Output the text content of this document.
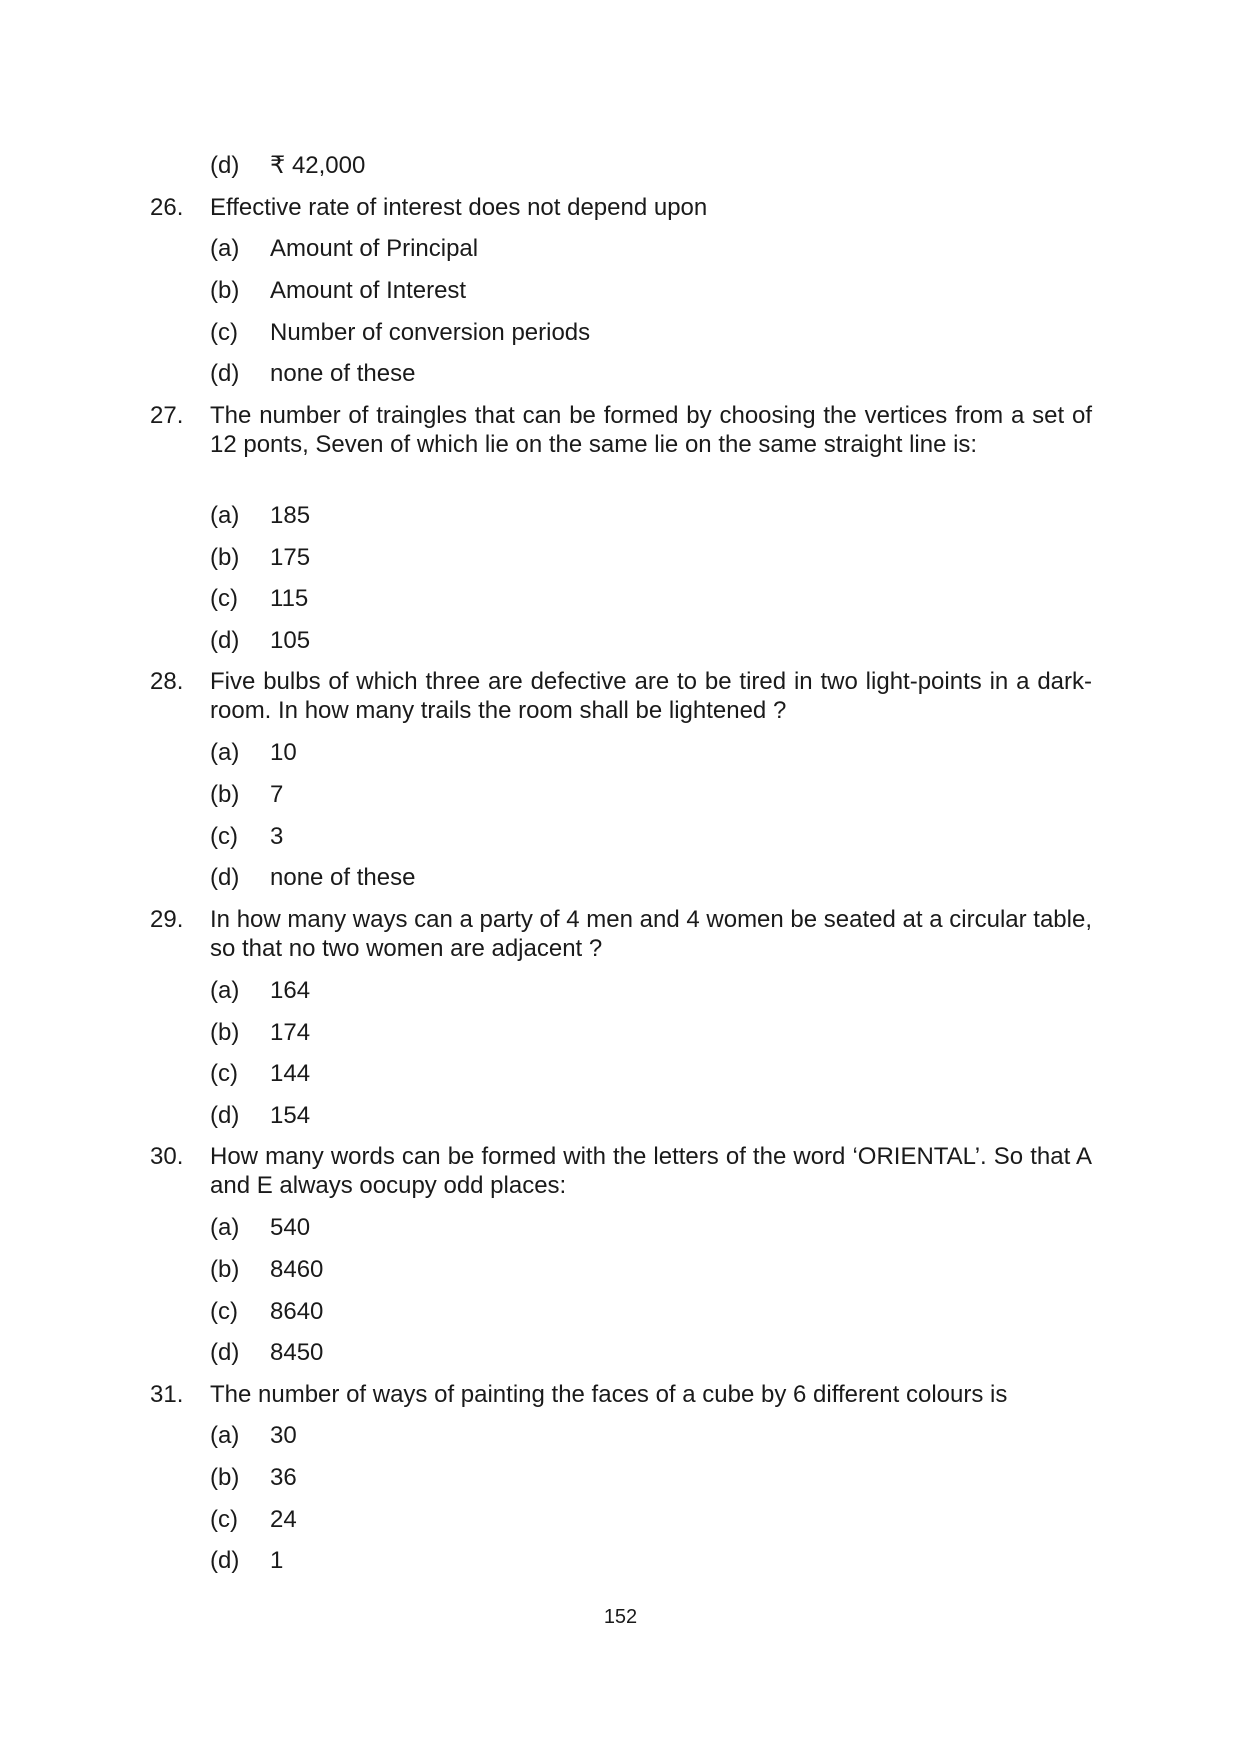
(d)	₹ 42,000
26.	Effective rate of interest does not depend upon
(a)	Amount of Principal
(b)	Amount of Interest
(c)	Number of conversion periods
(d)	none of these
27.	The number of traingles that can be formed by choosing the vertices from a set of 12 ponts, Seven of which lie on the same lie on the same straight line is:
(a)	185
(b)	175
(c)	115
(d)	105
28.	Five bulbs of which three are defective are to be tired in two light-points in a dark-room. In how many trails the room shall be lightened ?
(a)	10
(b)	7
(c)	3
(d)	none of these
29.	In how many ways can a party of 4 men and 4 women be seated at a circular table, so that no two women are adjacent ?
(a)	164
(b)	174
(c)	144
(d)	154
30.	How many words can be formed with the letters of the word ‘ORIENTAL’. So that A and E always oocupy odd places:
(a)	540
(b)	8460
(c)	8640
(d)	8450
31.	The number of ways of painting the faces of a cube by 6 different colours is
(a)	30
(b)	36
(c)	24
(d)	1
152
